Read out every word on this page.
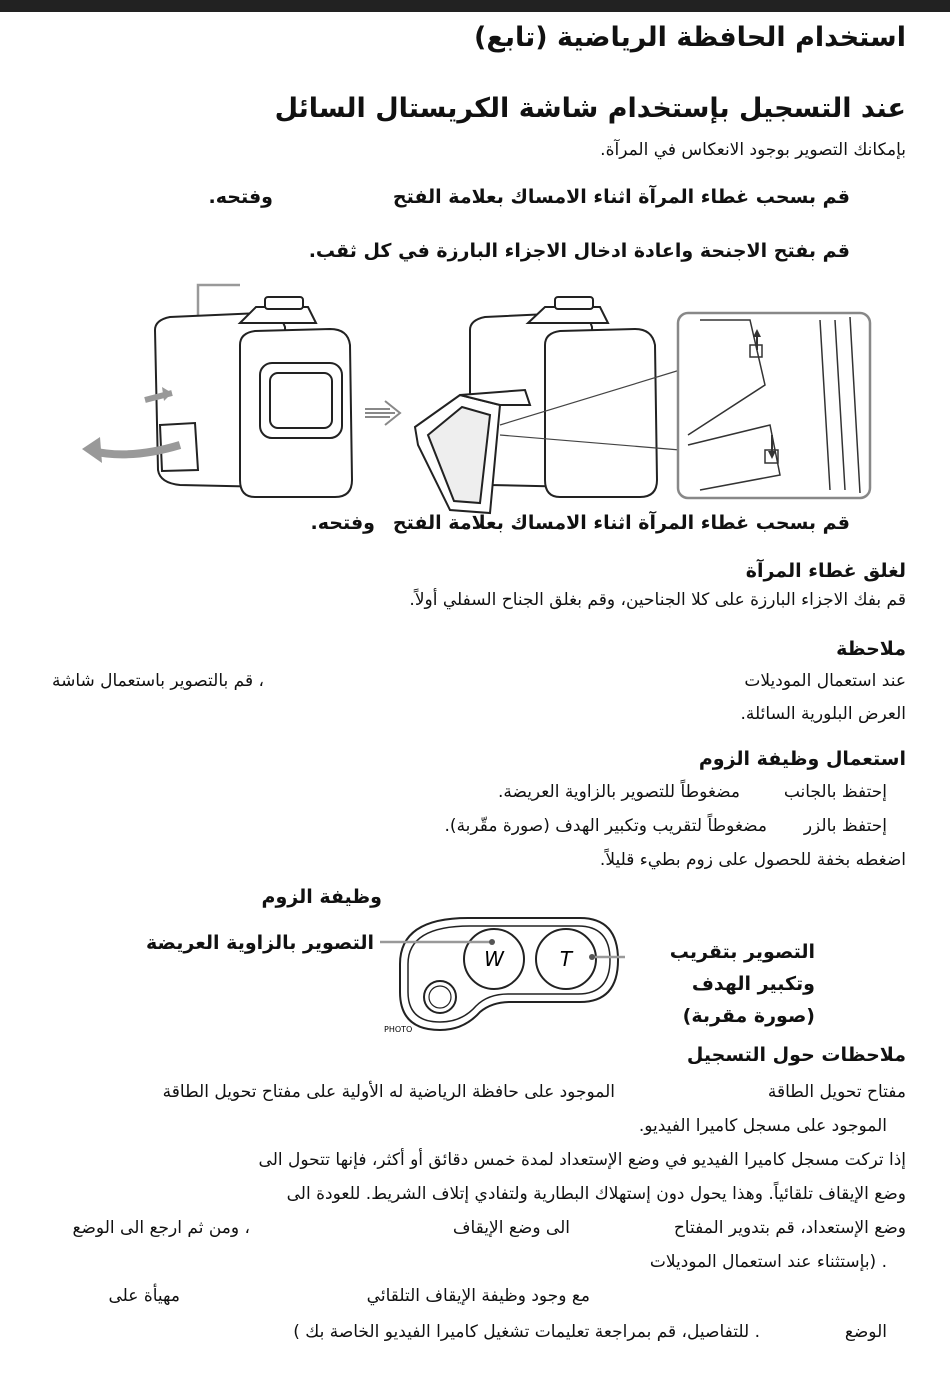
استخدام الحافظة الرياضية (تابع)
عند التسجيل بإستخدام شاشة الكريستال السائل
بإمكانك التصوير بوجود الانعكاس في المرآة.
قم بسحب غطاء المرآة اثناء الامساك بعلامة الفتح
وفتحه.
قم بفتح الاجنحة واعادة ادخال الاجزاء البارزة في كل ثقب.
قم بسحب غطاء المرآة اثناء الامساك بعلامة الفتح
وفتحه.
لغلق غطاء المرآة
قم بفك الاجزاء البارزة على كلا الجناحين، وقم بغلق الجناح السفلي أولاً.
ملاحظة
عند استعمال الموديلات
، قم بالتصوير باستعمال شاشة
العرض البلورية السائلة.
استعمال وظيفة الزوم
إحتفظ بالجانب
مضغوطاً للتصوير بالزاوية العريضة.
إحتفظ بالزر
مضغوطاً لتقريب وتكبير الهدف (صورة مقّربة).
اضغطه بخفة للحصول على زوم بطيء قليلاً.
وظيفة الزوم
W	T
PHOTO
التصوير بالزاوية العريضة	التصوير بتقريب
وتكبير الهدف
(صورة مقربة)
ملاحظات حول التسجيل
مفتاح تحويل الطاقة
الموجود على حافظة الرياضية له الأولية على مفتاح تحويل الطاقة
الموجود على مسجل كاميرا الفيديو.
إذا تركت مسجل كاميرا الفيديو في وضع الإستعداد لمدة خمس دقائق أو أكثر، فإنها تتحول الى
وضع الإيقاف تلقائياً. وهذا يحول دون إستهلاك البطارية ولتفادي إتلاف الشريط. للعودة الى
وضع الإستعداد، قم بتدوير المفتاح
الى وضع الإيقاف
، ومن ثم ارجع الى الوضع
. (بإستثناء عند استعمال الموديلات
مع وجود وظيفة الإيقاف التلقائي
مهيأة على
الوضع
. للتفاصيل، قم بمراجعة تعليمات تشغيل كاميرا الفيديو الخاصة بك )
